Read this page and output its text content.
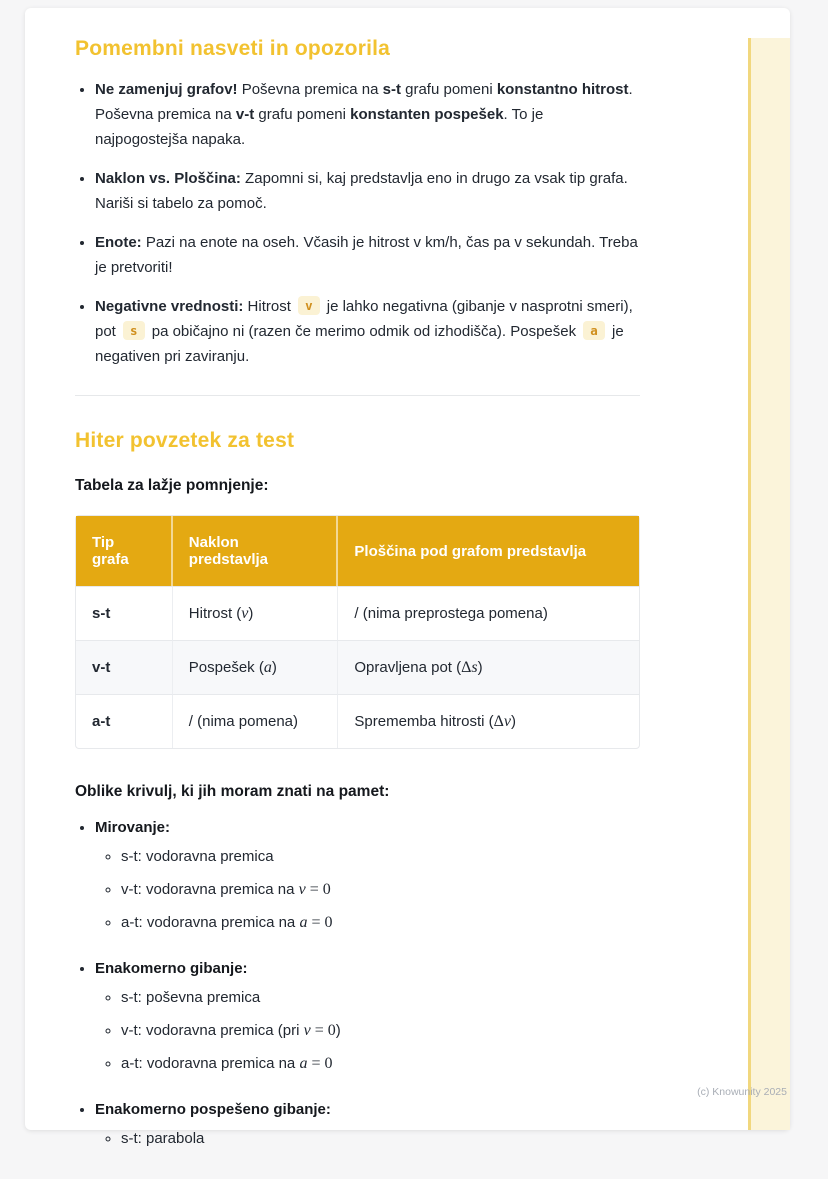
Pomembni nasveti in opozorila
• Ne zamenjuj grafov! Poševna premica na s-t grafu pomeni konstantno hitrost. Poševna premica na v-t grafu pomeni konstanten pospešek. To je najpogostejša napaka.
• Naklon vs. Ploščina: Zapomni si, kaj predstavlja eno in drugo za vsak tip grafa. Nariši si tabelo za pomoč.
• Enote: Pazi na enote na oseh. Včasih je hitrost v km/h, čas pa v sekundah. Treba je pretvoriti!
• Negativne vrednosti: Hitrost v je lahko negativna (gibanje v nasprotni smeri), pot s pa običajno ni (razen če merimo odmik od izhodišča). Pospešek a je negativen pri zaviranju.
Hiter povzetek za test

Tabela za lažje pomnjenje:

Tip grafa	Naklon predstavlja	Ploščina pod grafom predstavlja
s-t	Hitrost (v)	/ (nima preprostega pomena)
v-t	Pospešek (a)	Opravljena pot (Δs)
a-t	/ (nima pomena)	Sprememba hitrosti (Δv)

Oblike krivulj, ki jih moram znati na pamet:

• Mirovanje:
◦ s-t: vodoravna premica
◦ v-t: vodoravna premica na v = 0
◦ a-t: vodoravna premica na a = 0
• Enakomerno gibanje:
◦ s-t: poševna premica
◦ v-t: vodoravna premica (pri v = 0)
◦ a-t: vodoravna premica na a = 0
• Enakomerno pospešeno gibanje:
◦ s-t: parabola
(c) Knowunity 2025
